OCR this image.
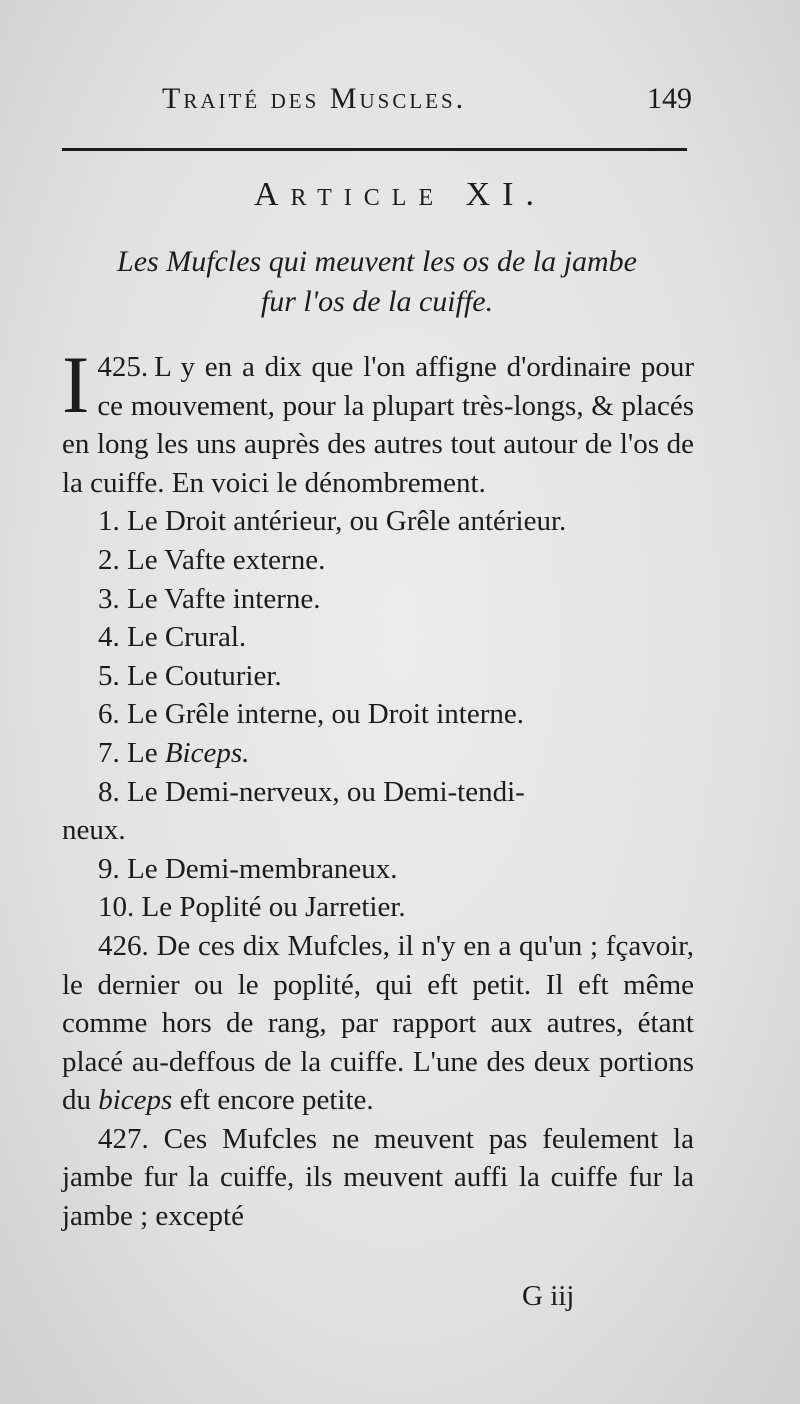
Traité des Muscles.	149
Article XI.
Les Mufcles qui meuvent les os de la jambe
fur l'os de la cuiffe.

425.
I L y en a dix que l'on affigne d'ordinaire pour ce mouvement, pour la plupart très-longs, & placés en long les uns auprès des autres tout autour de l'os de la cuiffe. En voici le dénombrement.

1. Le Droit antérieur, ou Grêle antérieur.
2. Le Vafte externe.
3. Le Vafte interne.
4. Le Crural.
5. Le Couturier.
6. Le Grêle interne, ou Droit interne.
7. Le Biceps.
8. Le Demi-nerveux, ou Demi-tendi-
neux.
9. Le Demi-membraneux.
10. Le Poplité ou Jarretier.

426. De ces dix Mufcles, il n'y en a qu'un ; fçavoir, le dernier ou le poplité, qui eft petit. Il eft même comme hors de rang, par rapport aux autres, étant placé au-deffous de la cuiffe. L'une des deux portions du biceps eft encore petite.

427. Ces Mufcles ne meuvent pas feulement la jambe fur la cuiffe, ils meuvent auffi la cuiffe fur la jambe ; excepté

G iij
